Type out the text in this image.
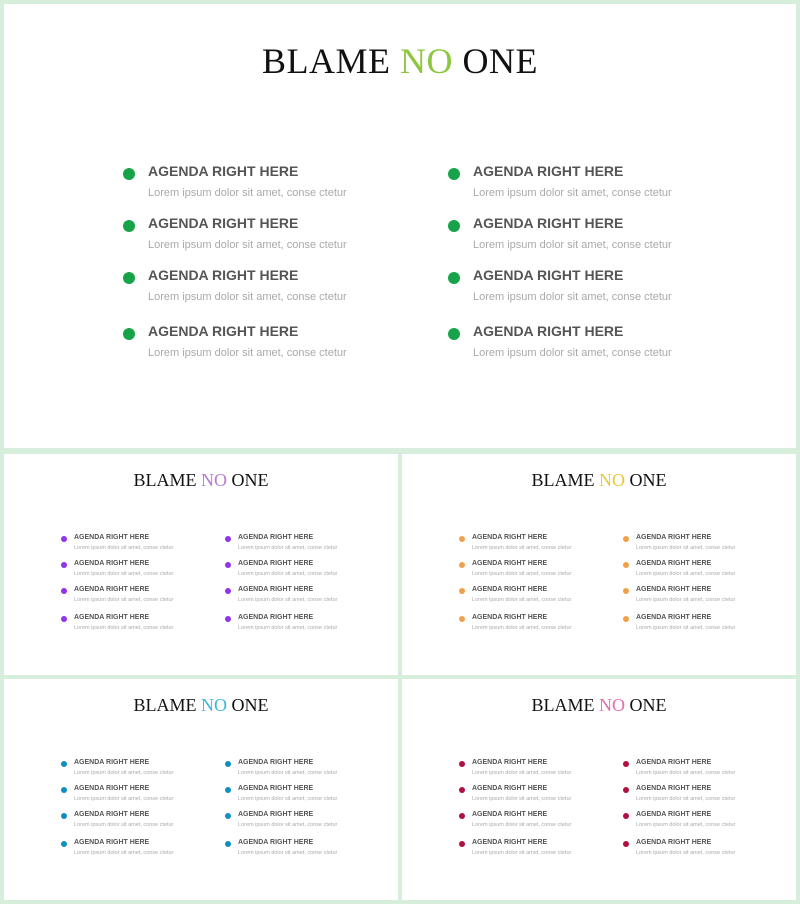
BLAME NO ONE
AGENDA RIGHT HERE
Lorem ipsum dolor sit amet, conse ctetur
AGENDA RIGHT HERE
Lorem ipsum dolor sit amet, conse ctetur
AGENDA RIGHT HERE
Lorem ipsum dolor sit amet, conse ctetur
AGENDA RIGHT HERE
Lorem ipsum dolor sit amet, conse ctetur
AGENDA RIGHT HERE
Lorem ipsum dolor sit amet, conse ctetur
AGENDA RIGHT HERE
Lorem ipsum dolor sit amet, conse ctetur
AGENDA RIGHT HERE
Lorem ipsum dolor sit amet, conse ctetur
AGENDA RIGHT HERE
Lorem ipsum dolor sit amet, conse ctetur
BLAME NO ONE
AGENDA RIGHT HERE
Lorem ipsum dolor sit amet, conse ctetur
AGENDA RIGHT HERE
Lorem ipsum dolor sit amet, conse ctetur
AGENDA RIGHT HERE
Lorem ipsum dolor sit amet, conse ctetur
AGENDA RIGHT HERE
Lorem ipsum dolor sit amet, conse ctetur
AGENDA RIGHT HERE
Lorem ipsum dolor sit amet, conse ctetur
AGENDA RIGHT HERE
Lorem ipsum dolor sit amet, conse ctetur
AGENDA RIGHT HERE
Lorem ipsum dolor sit amet, conse ctetur
AGENDA RIGHT HERE
Lorem ipsum dolor sit amet, conse ctetur
BLAME NO ONE
AGENDA RIGHT HERE
Lorem ipsum dolor sit amet, conse ctetur
AGENDA RIGHT HERE
Lorem ipsum dolor sit amet, conse ctetur
AGENDA RIGHT HERE
Lorem ipsum dolor sit amet, conse ctetur
AGENDA RIGHT HERE
Lorem ipsum dolor sit amet, conse ctetur
AGENDA RIGHT HERE
Lorem ipsum dolor sit amet, conse ctetur
AGENDA RIGHT HERE
Lorem ipsum dolor sit amet, conse ctetur
AGENDA RIGHT HERE
Lorem ipsum dolor sit amet, conse ctetur
AGENDA RIGHT HERE
Lorem ipsum dolor sit amet, conse ctetur
BLAME NO ONE
AGENDA RIGHT HERE
Lorem ipsum dolor sit amet, conse ctetur
AGENDA RIGHT HERE
Lorem ipsum dolor sit amet, conse ctetur
AGENDA RIGHT HERE
Lorem ipsum dolor sit amet, conse ctetur
AGENDA RIGHT HERE
Lorem ipsum dolor sit amet, conse ctetur
AGENDA RIGHT HERE
Lorem ipsum dolor sit amet, conse ctetur
AGENDA RIGHT HERE
Lorem ipsum dolor sit amet, conse ctetur
AGENDA RIGHT HERE
Lorem ipsum dolor sit amet, conse ctetur
AGENDA RIGHT HERE
Lorem ipsum dolor sit amet, conse ctetur
BLAME NO ONE
AGENDA RIGHT HERE
Lorem ipsum dolor sit amet, conse ctetur
AGENDA RIGHT HERE
Lorem ipsum dolor sit amet, conse ctetur
AGENDA RIGHT HERE
Lorem ipsum dolor sit amet, conse ctetur
AGENDA RIGHT HERE
Lorem ipsum dolor sit amet, conse ctetur
AGENDA RIGHT HERE
Lorem ipsum dolor sit amet, conse ctetur
AGENDA RIGHT HERE
Lorem ipsum dolor sit amet, conse ctetur
AGENDA RIGHT HERE
Lorem ipsum dolor sit amet, conse ctetur
AGENDA RIGHT HERE
Lorem ipsum dolor sit amet, conse ctetur
